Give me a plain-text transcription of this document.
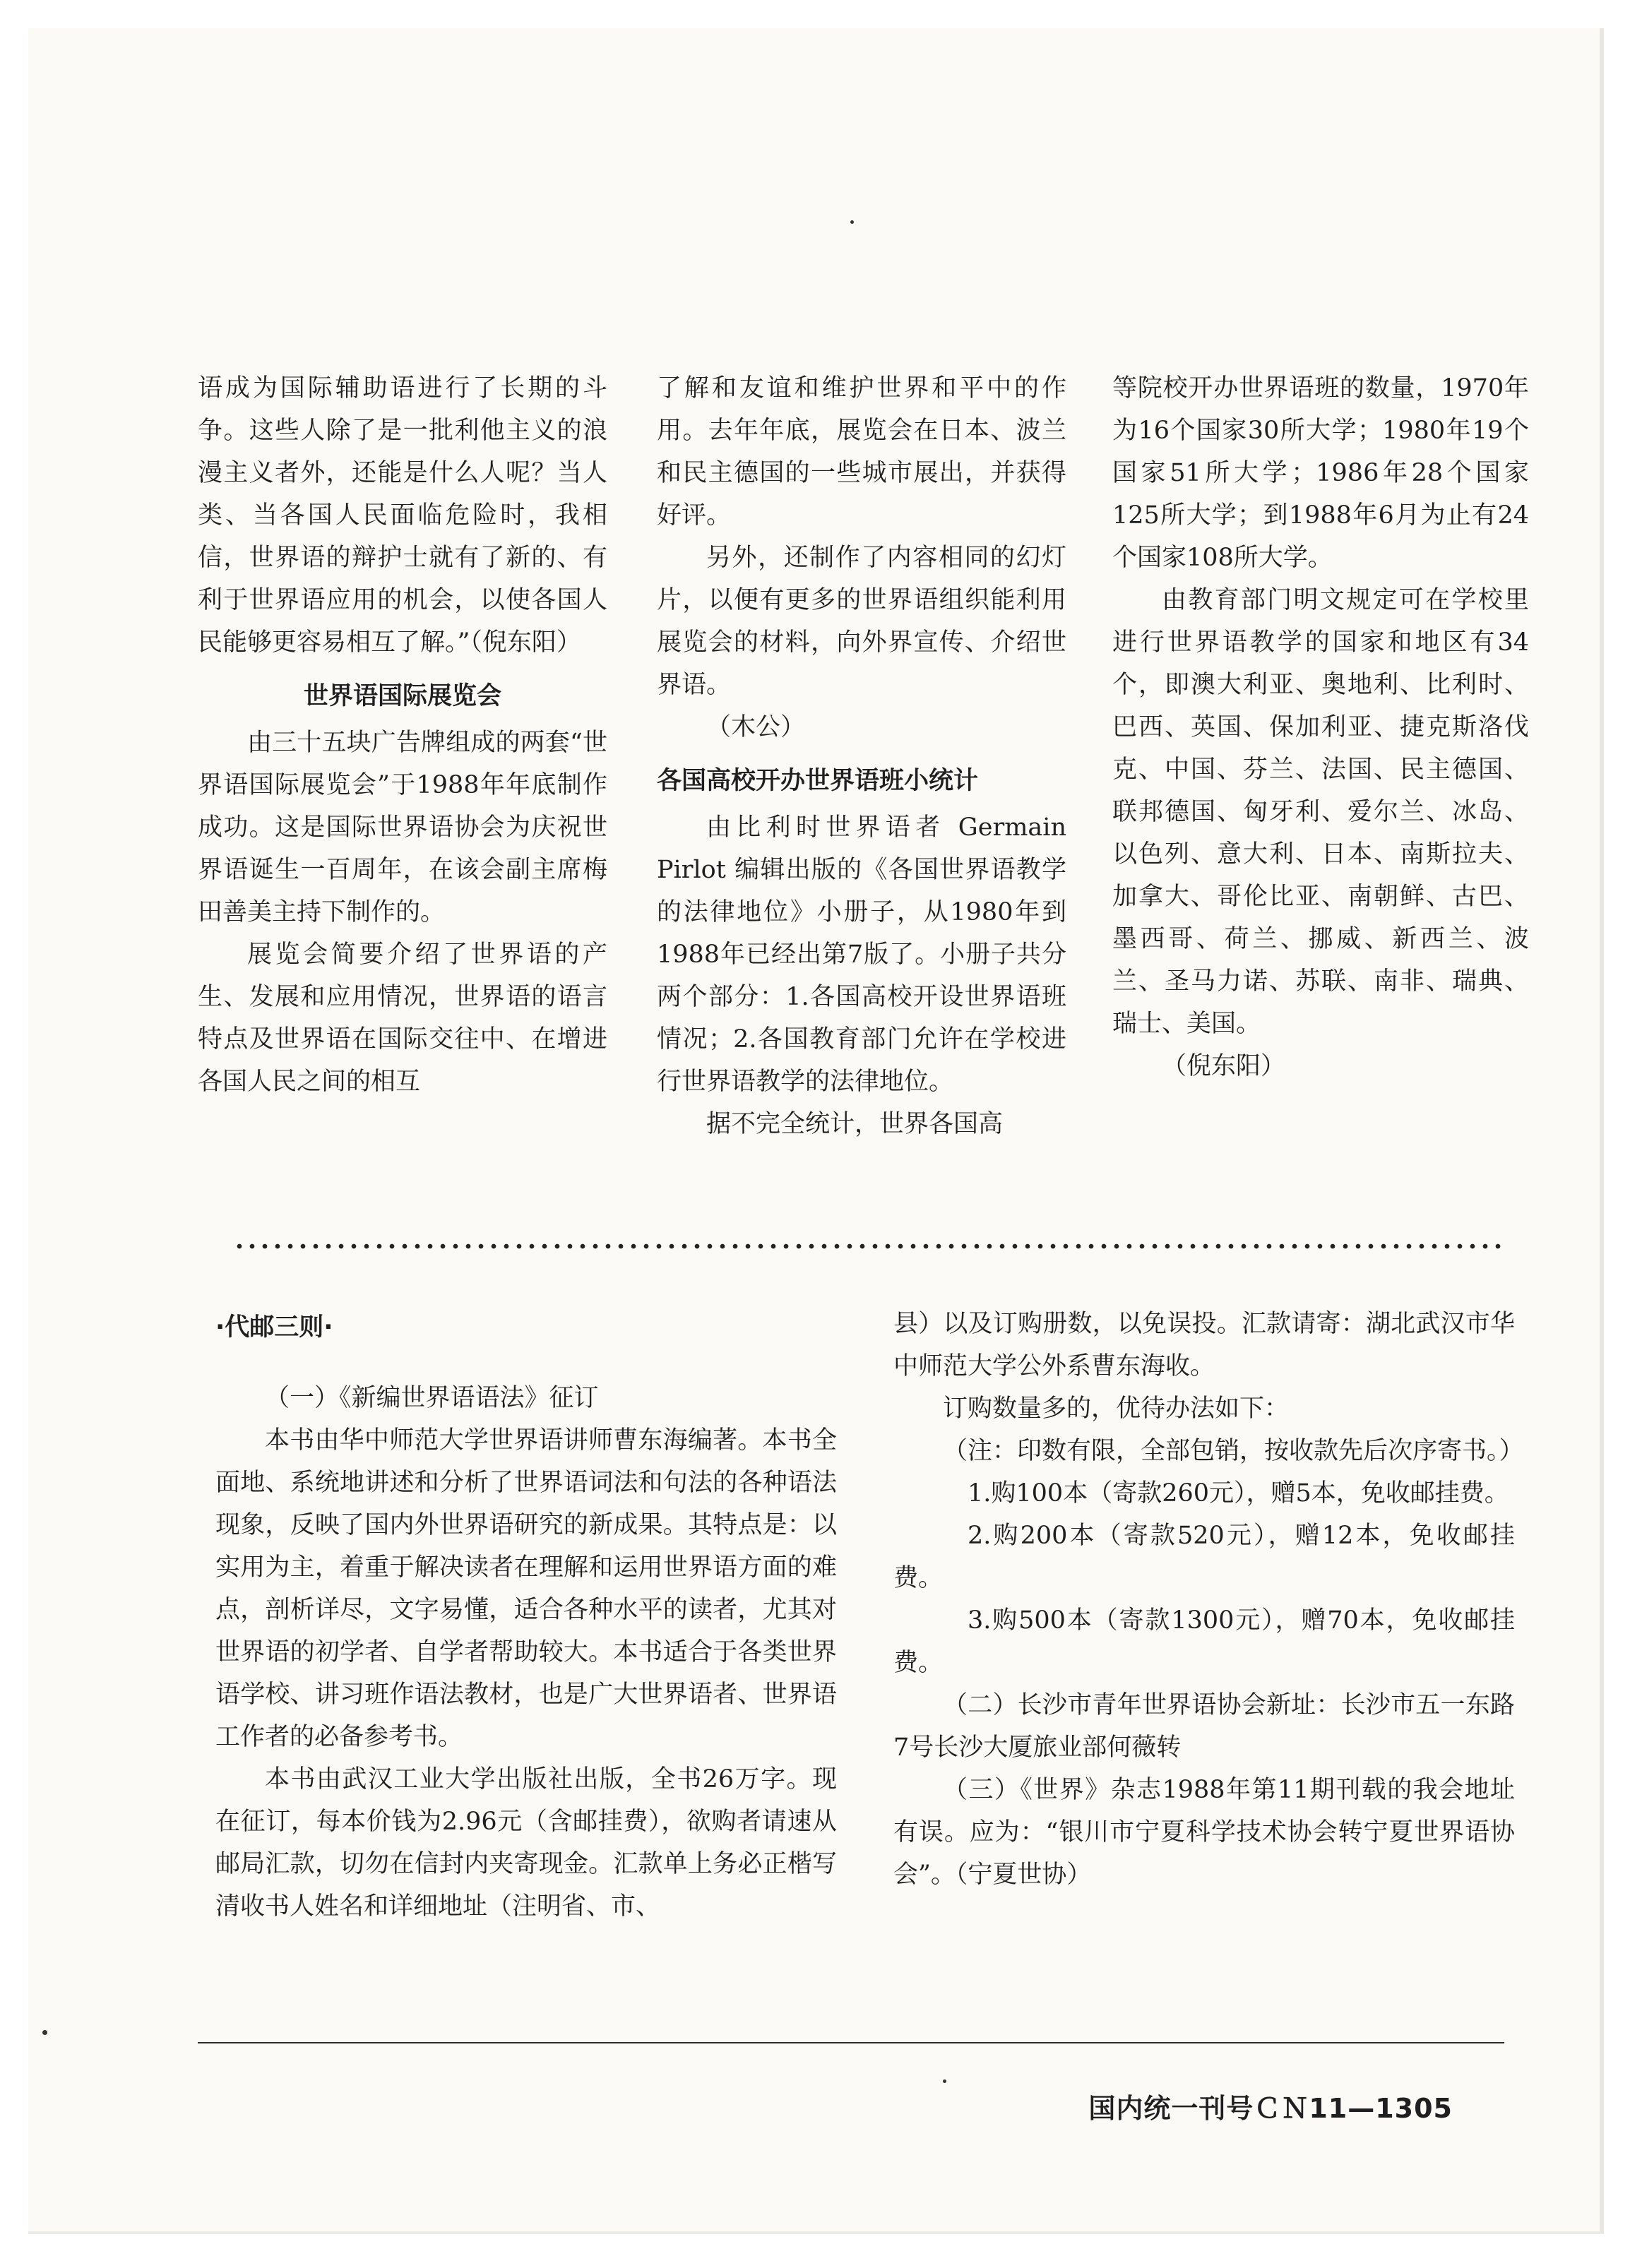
语成为国际辅助语进行了长期的斗争。这些人除了是一批利他主义的浪漫主义者外，还能是什么人呢？当人类、当各国人民面临危险时，我相信，世界语的辩护士就有了新的、有利于世界语应用的机会，以使各国人民能够更容易相互了解。”（倪东阳）

世界语国际展览会

由三十五块广告牌组成的两套“世界语国际展览会”于1988年年底制作成功。这是国际世界语协会为庆祝世界语诞生一百周年，在该会副主席梅田善美主持下制作的。

展览会简要介绍了世界语的产生、发展和应用情况，世界语的语言特点及世界语在国际交往中、在增进各国人民之间的相互

了解和友谊和维护世界和平中的作用。去年年底，展览会在日本、波兰和民主德国的一些城市展出，并获得好评。

另外，还制作了内容相同的幻灯片，以便有更多的世界语组织能利用展览会的材料，向外界宣传、介绍世界语。

（木公）

各国高校开办世界语班小统计

由比利时世界语者 Germain Pirlot 编辑出版的《各国世界语教学的法律地位》小册子，从1980年到1988年已经出第7版了。小册子共分两个部分：1.各国高校开设世界语班情况；2.各国教育部门允许在学校进行世界语教学的法律地位。

据不完全统计，世界各国高

等院校开办世界语班的数量，1970年为16个国家30所大学；1980年19个国家51所大学；1986年28个国家125所大学；到1988年6月为止有24个国家108所大学。

由教育部门明文规定可在学校里进行世界语教学的国家和地区有34个，即澳大利亚、奥地利、比利时、巴西、英国、保加利亚、捷克斯洛伐克、中国、芬兰、法国、民主德国、联邦德国、匈牙利、爱尔兰、冰岛、以色列、意大利、日本、南斯拉夫、加拿大、哥伦比亚、南朝鲜、古巴、墨西哥、荷兰、挪威、新西兰、波兰、圣马力诺、苏联、南非、瑞典、瑞士、美国。

（倪东阳）

·代邮三则·

（一）《新编世界语语法》征订

本书由华中师范大学世界语讲师曹东海编著。本书全面地、系统地讲述和分析了世界语词法和句法的各种语法现象，反映了国内外世界语研究的新成果。其特点是：以实用为主，着重于解决读者在理解和运用世界语方面的难点，剖析详尽，文字易懂，适合各种水平的读者，尤其对世界语的初学者、自学者帮助较大。本书适合于各类世界语学校、讲习班作语法教材，也是广大世界语者、世界语工作者的必备参考书。

本书由武汉工业大学出版社出版，全书26万字。现在征订，每本价钱为2.96元（含邮挂费），欲购者请速从邮局汇款，切勿在信封内夹寄现金。汇款单上务必正楷写清收书人姓名和详细地址（注明省、市、

县）以及订购册数，以免误投。汇款请寄：湖北武汉市华中师范大学公外系曹东海收。

订购数量多的，优待办法如下：

（注：印数有限，全部包销，按收款先后次序寄书。）

1.购100本（寄款260元），赠5本，免收邮挂费。

2.购200本（寄款520元），赠12本，免收邮挂费。

3.购500本（寄款1300元），赠70本，免收邮挂费。

（二）长沙市青年世界语协会新址：长沙市五一东路7号长沙大厦旅业部何薇转

（三）《世界》杂志1988年第11期刊载的我会地址有误。应为：“银川市宁夏科学技术协会转宁夏世界语协会”。（宁夏世协）

国内统一刊号ＣＮ11—1305
